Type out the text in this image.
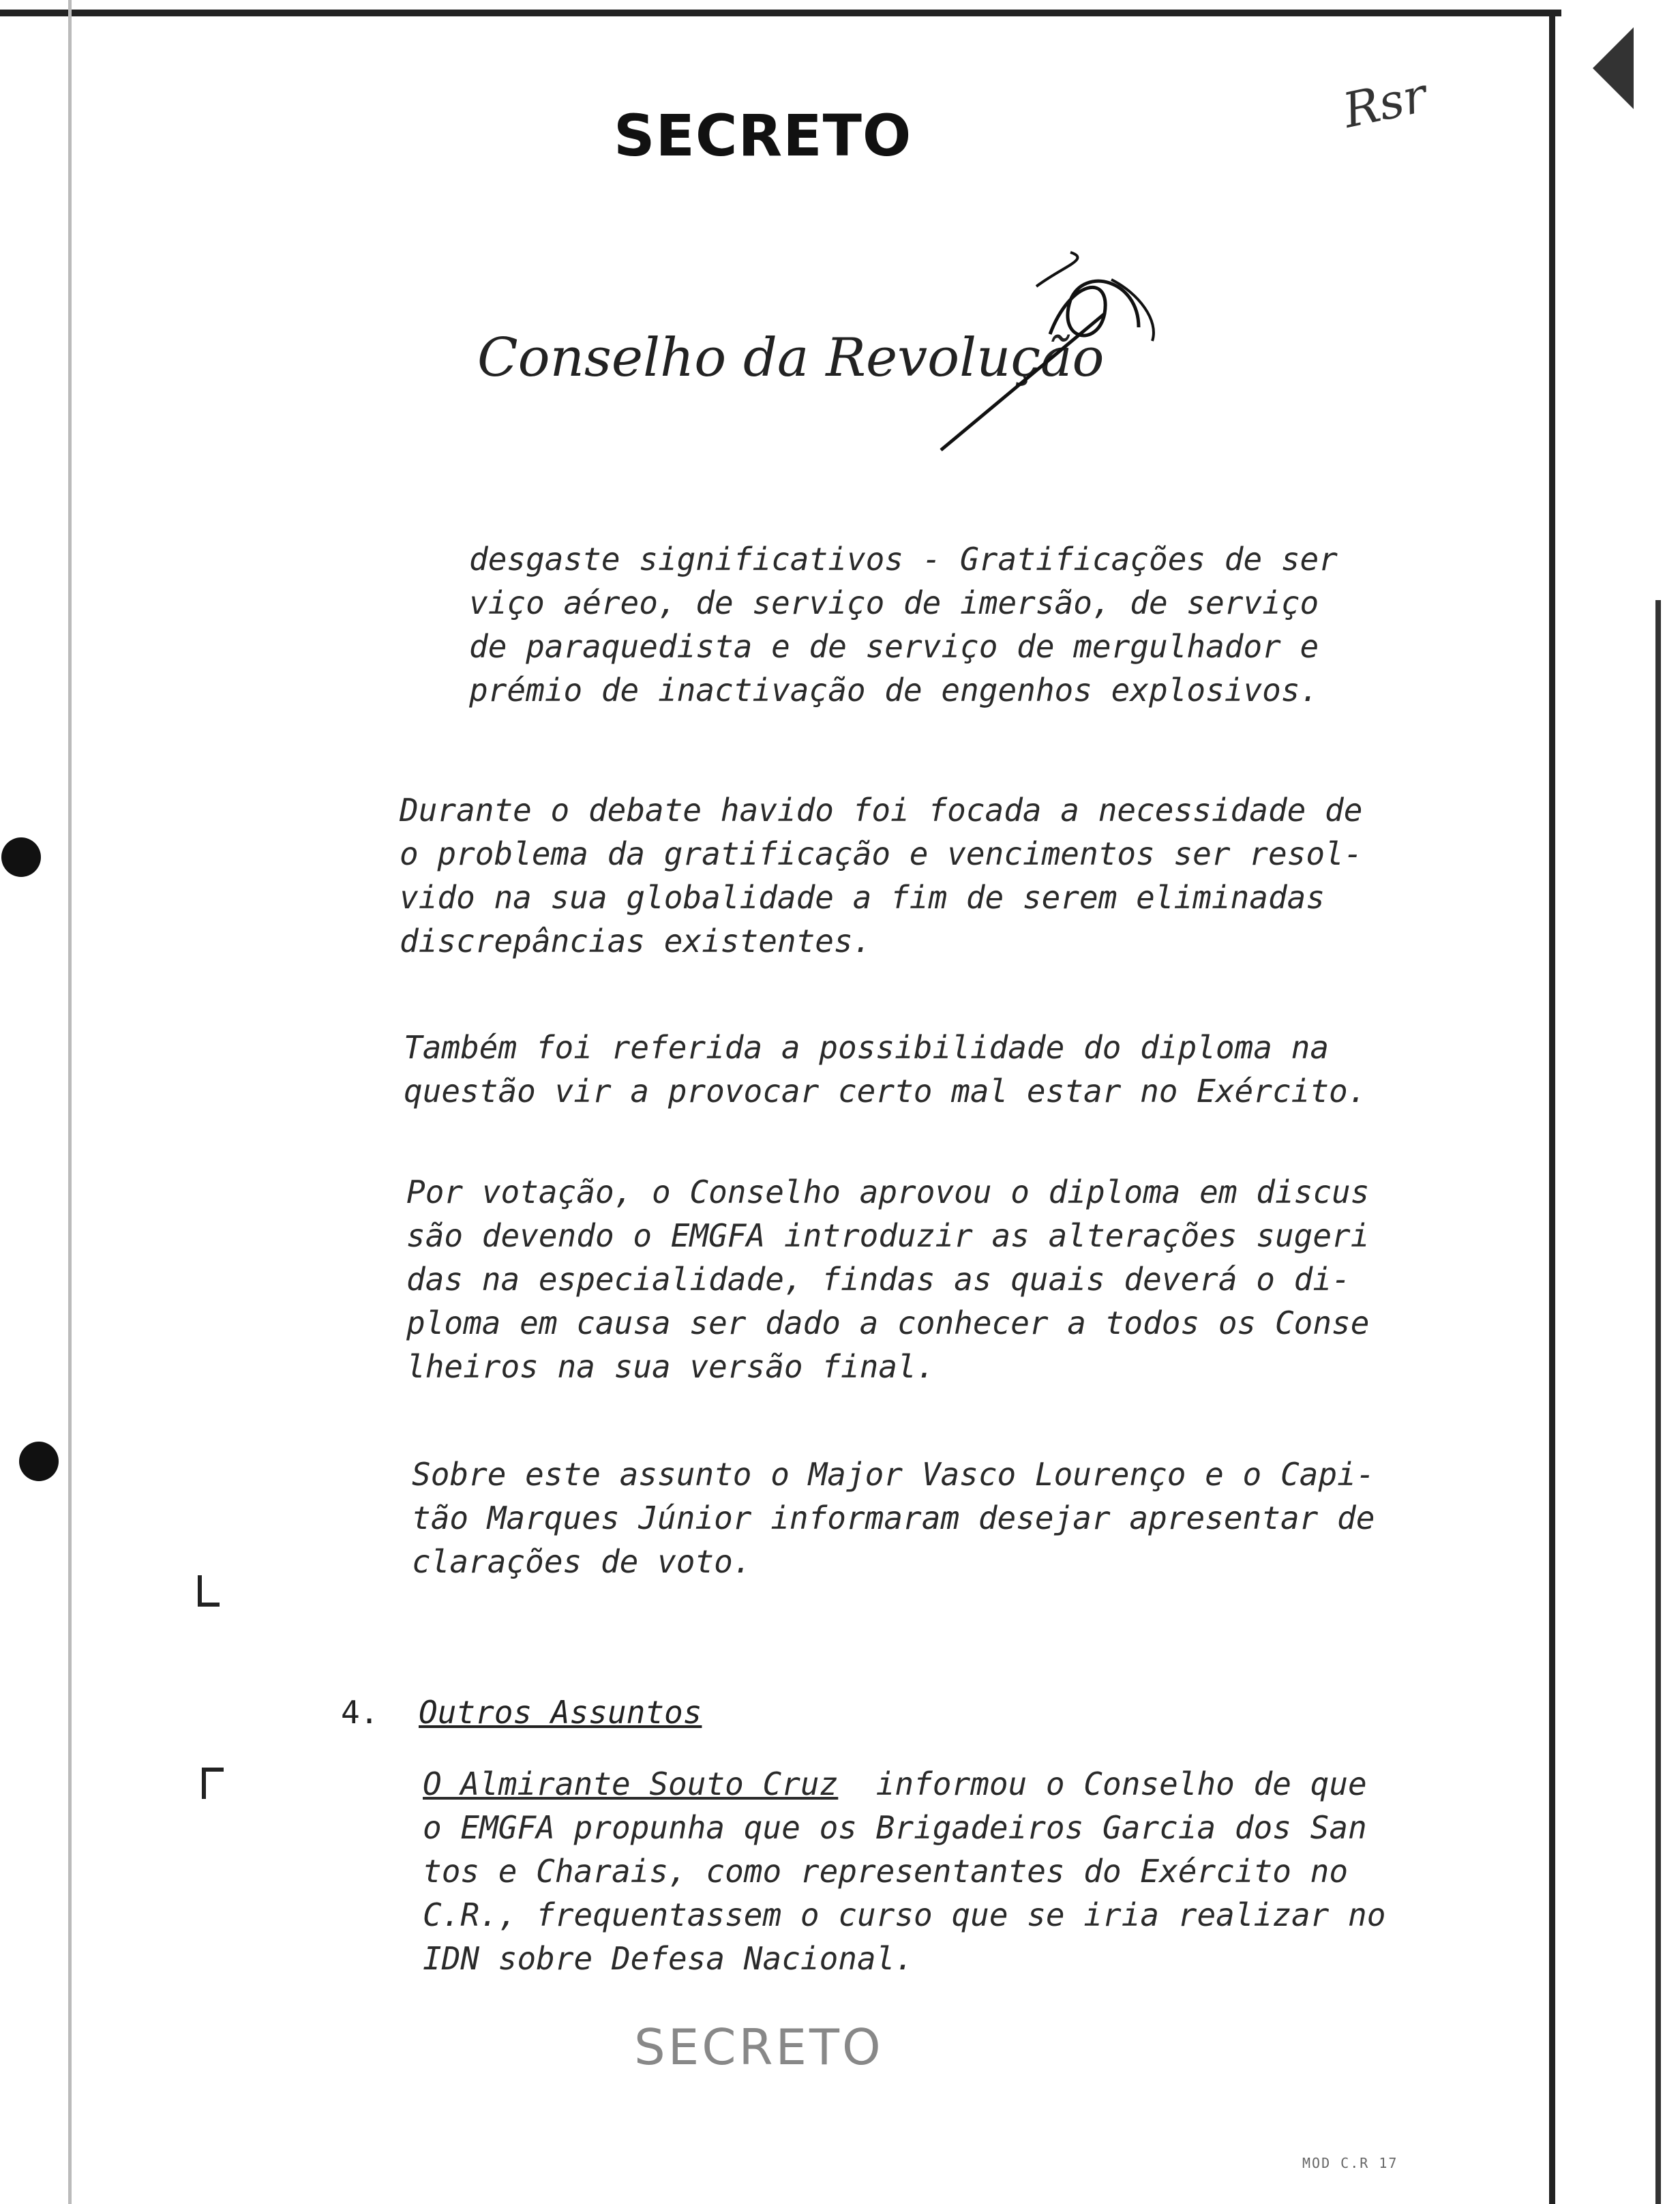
SECRETO	Rsr
Conselho da Revolução
desgaste significativos - Gratificações de ser
viço aéreo, de serviço de imersão, de serviço
de paraquedista e de serviço de mergulhador e
prémio de inactivação de engenhos explosivos.
Durante o debate havido foi focada a necessidade de
o problema da gratificação e vencimentos ser resol-
vido na sua globalidade a fim de serem eliminadas
discrepâncias existentes.
Também foi referida a possibilidade do diploma na
questão vir a provocar certo mal estar no Exército.
Por votação, o Conselho aprovou o diploma em discus
são devendo o EMGFA introduzir as alterações sugeri
das na especialidade, findas as quais deverá o di-
ploma em causa ser dado a conhecer a todos os Conse
lheiros na sua versão final.
Sobre este assunto o Major Vasco Lourenço e o Capi-
tão Marques Júnior informaram desejar apresentar de
clarações de voto.
4. Outros Assuntos
O Almirante Souto Cruz informou o Conselho de que
o EMGFA propunha que os Brigadeiros Garcia dos San
tos e Charais, como representantes do Exército no
C.R., frequentassem o curso que se iria realizar no
IDN sobre Defesa Nacional.
SECRETO
MOD C.R 17
